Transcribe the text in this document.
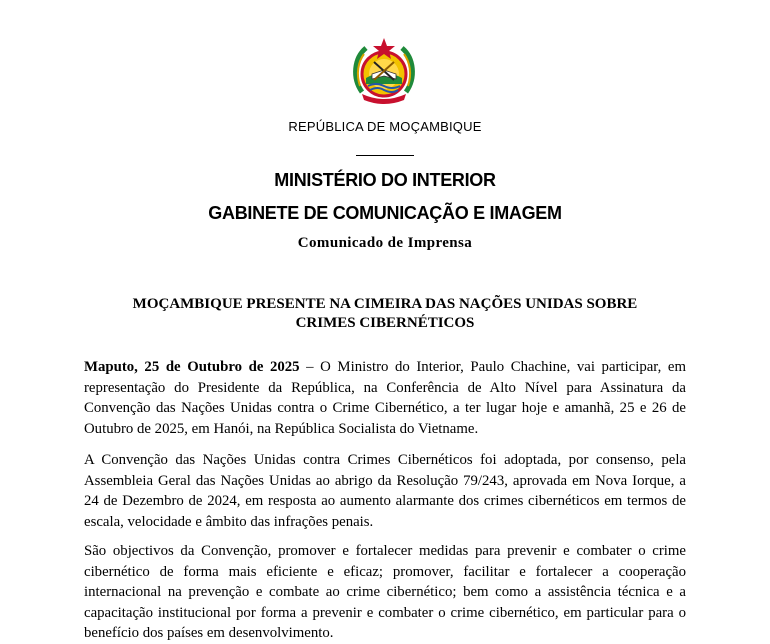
REPÚBLICA DE MOÇAMBIQUE
MINISTÉRIO DO INTERIOR
GABINETE DE COMUNICAÇÃO E IMAGEM
Comunicado de Imprensa
MOÇAMBIQUE PRESENTE NA CIMEIRA DAS NAÇÕES UNIDAS SOBRE
CRIMES CIBERNÉTICOS

Maputo, 25 de Outubro de 2025 – O Ministro do Interior, Paulo Chachine, vai participar, em representação do Presidente da República, na Conferência de Alto Nível para Assinatura da Convenção das Nações Unidas contra o Crime Cibernético, a ter lugar hoje e amanhã, 25 e 26 de Outubro de 2025, em Hanói, na República Socialista do Vietname.

A Convenção das Nações Unidas contra Crimes Cibernéticos foi adoptada, por consenso, pela Assembleia Geral das Nações Unidas ao abrigo da Resolução 79/243, aprovada em Nova Iorque, a 24 de Dezembro de 2024, em resposta ao aumento alarmante dos crimes cibernéticos em termos de escala, velocidade e âmbito das infrações penais.

São objectivos da Convenção, promover e fortalecer medidas para prevenir e combater o crime cibernético de forma mais eficiente e eficaz; promover, facilitar e fortalecer a cooperação internacional na prevenção e combate ao crime cibernético; bem como a assistência técnica e a capacitação institucional por forma a prevenir e combater o crime cibernético, em particular para o benefício dos países em desenvolvimento.
